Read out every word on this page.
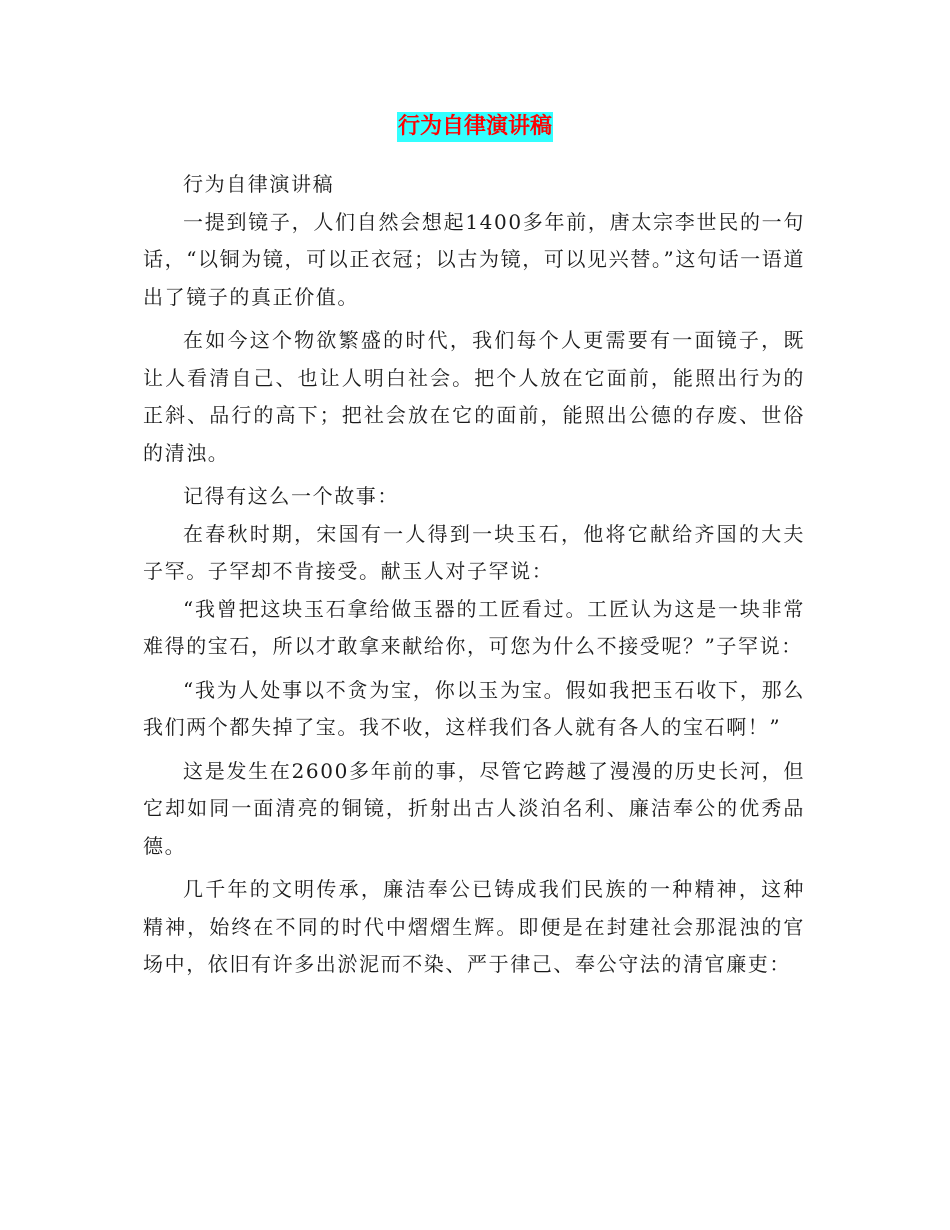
行为自律演讲稿

行为自律演讲稿

一提到镜子，人们自然会想起1400多年前，唐太宗李世民的一句话，“以铜为镜，可以正衣冠；以古为镜，可以见兴替。”这句话一语道出了镜子的真正价值。

在如今这个物欲繁盛的时代，我们每个人更需要有一面镜子，既让人看清自己、也让人明白社会。把个人放在它面前，能照出行为的正斜、品行的高下；把社会放在它的面前，能照出公德的存废、世俗的清浊。

记得有这么一个故事：

在春秋时期，宋国有一人得到一块玉石，他将它献给齐国的大夫子罕。子罕却不肯接受。献玉人对子罕说：

“我曾把这块玉石拿给做玉器的工匠看过。工匠认为这是一块非常难得的宝石，所以才敢拿来献给你，可您为什么不接受呢？”子罕说：

“我为人处事以不贪为宝，你以玉为宝。假如我把玉石收下，那么我们两个都失掉了宝。我不收，这样我们各人就有各人的宝石啊！”

这是发生在2600多年前的事，尽管它跨越了漫漫的历史长河，但它却如同一面清亮的铜镜，折射出古人淡泊名利、廉洁奉公的优秀品德。

几千年的文明传承，廉洁奉公已铸成我们民族的一种精神，这种精神，始终在不同的时代中熠熠生辉。即便是在封建社会那混浊的官场中，依旧有许多出淤泥而不染、严于律己、奉公守法的清官廉吏：
